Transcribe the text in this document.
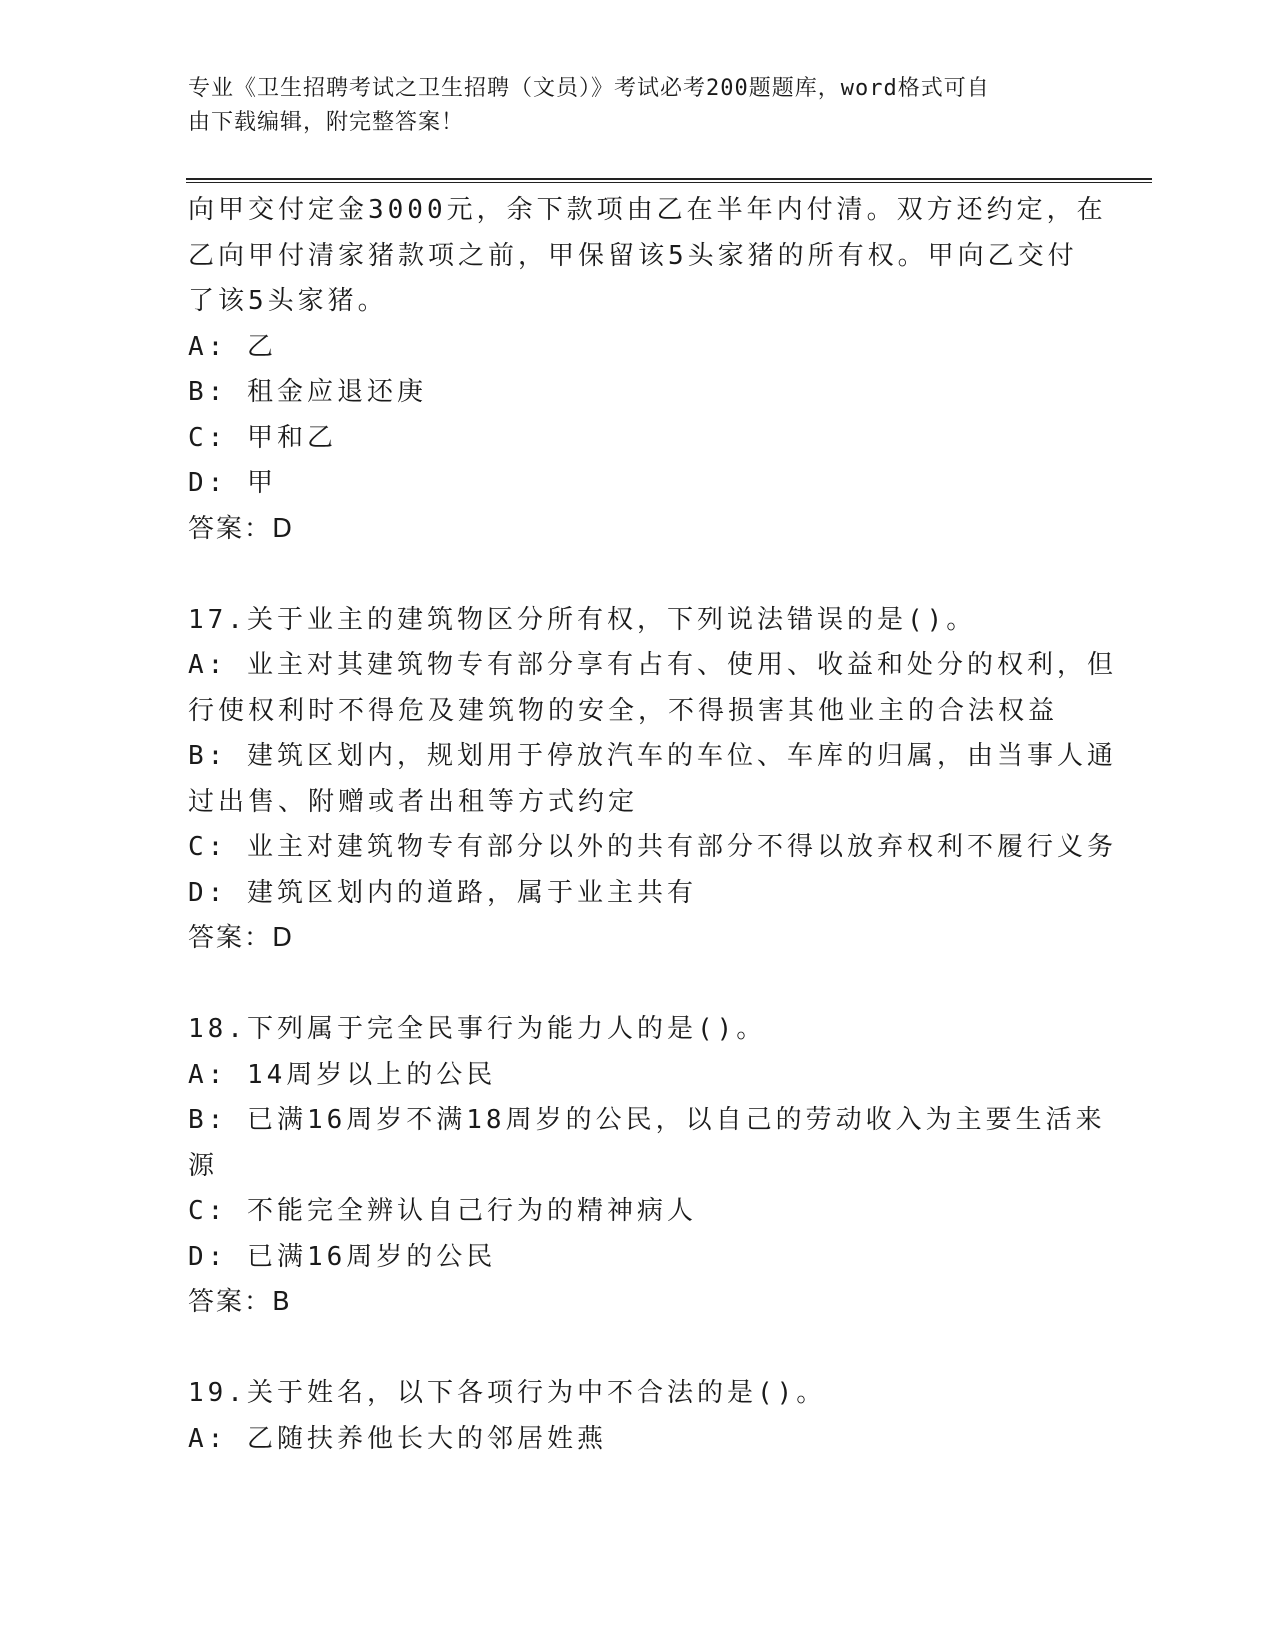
专业《卫生招聘考试之卫生招聘（文员）》考试必考200题题库，word格式可自
由下载编辑，附完整答案！
向甲交付定金3000元，余下款项由乙在半年内付清。双方还约定，在
乙向甲付清家猪款项之前，甲保留该5头家猪的所有权。甲向乙交付
了该5头家猪。
A: 乙
B: 租金应退还庚
C: 甲和乙
D: 甲
答案：D
17.关于业主的建筑物区分所有权，下列说法错误的是()。
A: 业主对其建筑物专有部分享有占有、使用、收益和处分的权利，但
行使权利时不得危及建筑物的安全，不得损害其他业主的合法权益
B: 建筑区划内，规划用于停放汽车的车位、车库的归属，由当事人通
过出售、附赠或者出租等方式约定
C: 业主对建筑物专有部分以外的共有部分不得以放弃权利不履行义务
D: 建筑区划内的道路，属于业主共有
答案：D
18.下列属于完全民事行为能力人的是()。
A: 14周岁以上的公民
B: 已满16周岁不满18周岁的公民，以自己的劳动收入为主要生活来
源
C: 不能完全辨认自己行为的精神病人
D: 已满16周岁的公民
答案：B
19.关于姓名，以下各项行为中不合法的是()。
A: 乙随扶养他长大的邻居姓燕
